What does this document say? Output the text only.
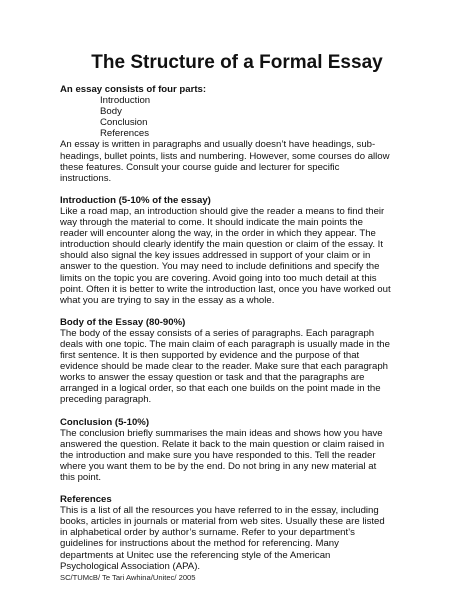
The Structure of a Formal Essay

An essay consists of four parts:

Introduction
Body
Conclusion
References

An essay is written in paragraphs and usually doesn’t have headings, sub-
headings, bullet points, lists and numbering. However, some courses do allow
these features. Consult your course guide and lecturer for specific
instructions.

Introduction (5-10% of the essay)

Like a road map, an introduction should give the reader a means to find their
way through the material to come. It should indicate the main points the
reader will encounter along the way, in the order in which they appear. The
introduction should clearly identify the main question or claim of the essay. It
should also signal the key issues addressed in support of your claim or in
answer to the question. You may need to include definitions and specify the
limits on the topic you are covering. Avoid going into too much detail at this
point. Often it is better to write the introduction last, once you have worked out
what you are trying to say in the essay as a whole.

Body of the Essay (80-90%)

The body of the essay consists of a series of paragraphs. Each paragraph
deals with one topic. The main claim of each paragraph is usually made in the
first sentence. It is then supported by evidence and the purpose of that
evidence should be made clear to the reader. Make sure that each paragraph
works to answer the essay question or task and that the paragraphs are
arranged in a logical order, so that each one builds on the point made in the
preceding paragraph.

Conclusion (5-10%)

The conclusion briefly summarises the main ideas and shows how you have
answered the question. Relate it back to the main question or claim raised in
the introduction and make sure you have responded to this. Tell the reader
where you want them to be by the end. Do not bring in any new material at
this point.

References

This is a list of all the resources you have referred to in the essay, including
books, articles in journals or material from web sites. Usually these are listed
in alphabetical order by author’s surname. Refer to your department’s
guidelines for instructions about the method for referencing. Many
departments at Unitec use the referencing style of the American
Psychological Association (APA).

SC/TUMcB/ Te Tari Awhina/Unitec/ 2005
